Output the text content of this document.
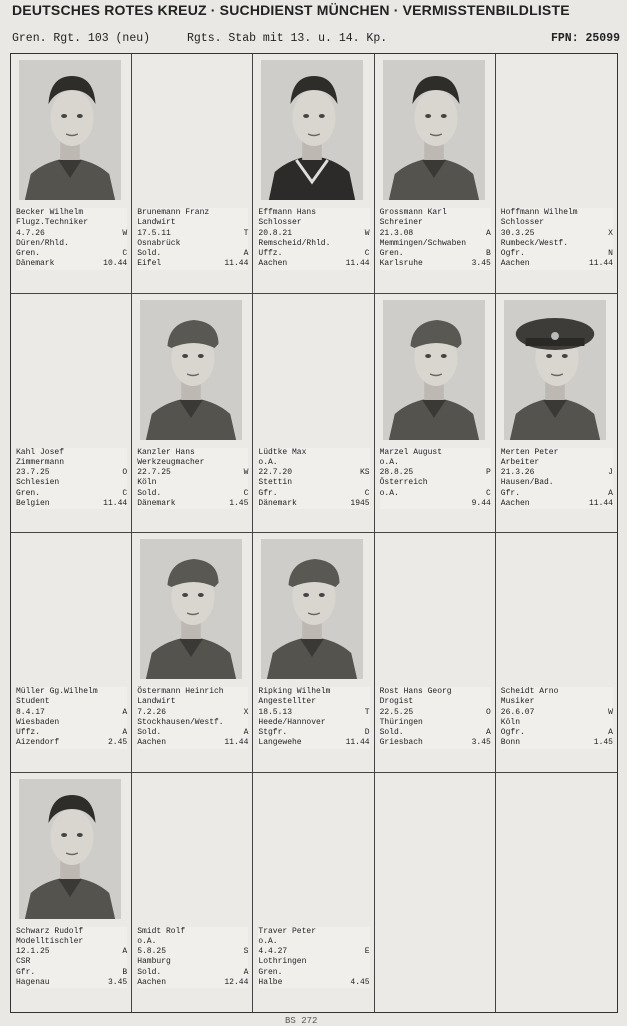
DEUTSCHES ROTES KREUZ · SUCHDIENST MÜNCHEN · VERMISSTENBILDLISTE
Gren. Rgt. 103 (neu)	Rgts. Stab mit 13. u. 14. Kp.	FPN: 25099
Becker Wilhelm
Flugz.Techniker
4.7.26	W
Düren/Rhld.
Gren.	C
Dänemark	10.44
Brunemann Franz
Landwirt
17.5.11	T
Osnabrück
Sold.	A
Eifel	11.44
Effmann Hans
Schlosser
20.8.21	W
Remscheid/Rhld.
Uffz.	C
Aachen	11.44
Grossmann Karl
Schreiner
21.3.08	A
Memmingen/Schwaben
Gren.	B
Karlsruhe	3.45
Hoffmann Wilhelm
Schlosser
30.3.25	X
Rumbeck/Westf.
Ogfr.	N
Aachen	11.44
Kahl Josef
Zimmermann
23.7.25	O
Schlesien
Gren.	C
Belgien	11.44
Kanzler Hans
Werkzeugmacher
22.7.25	W
Köln
Sold.	C
Dänemark	1.45
Lüdtke Max
o.A.
22.7.20	KS
Stettin
Gfr.	C
Dänemark	1945
Marzel August
o.A.
28.8.25	P
Österreich
o.A.	C
9.44
Merten Peter
Arbeiter
21.3.26	J
Hausen/Bad.
Gfr.	A
Aachen	11.44
Müller Gg.Wilhelm
Student
8.4.17	A
Wiesbaden
Uffz.	A
Aizendorf	2.45
Östermann Heinrich
Landwirt
7.2.26	X
Stockhausen/Westf.
Sold.	A
Aachen	11.44
Ripking Wilhelm
Angestellter
18.5.13	T
Heede/Hannover
Stgfr.	D
Langewehe	11.44
Rost Hans Georg
Drogist
22.5.25	O
Thüringen
Sold.	A
Griesbach	3.45
Scheidt Arno
Musiker
26.6.07	W
Köln
Ogfr.	A
Bonn	1.45
Schwarz Rudolf
Modelltischler
12.1.25	A
CSR
Gfr.	B
Hagenau	3.45
Smidt Rolf
o.A.
5.8.25	S
Hamburg
Sold.	A
Aachen	12.44
Traver Peter
o.A.
4.4.27	E
Lothringen
Gren.
Halbe	4.45
BS 272
